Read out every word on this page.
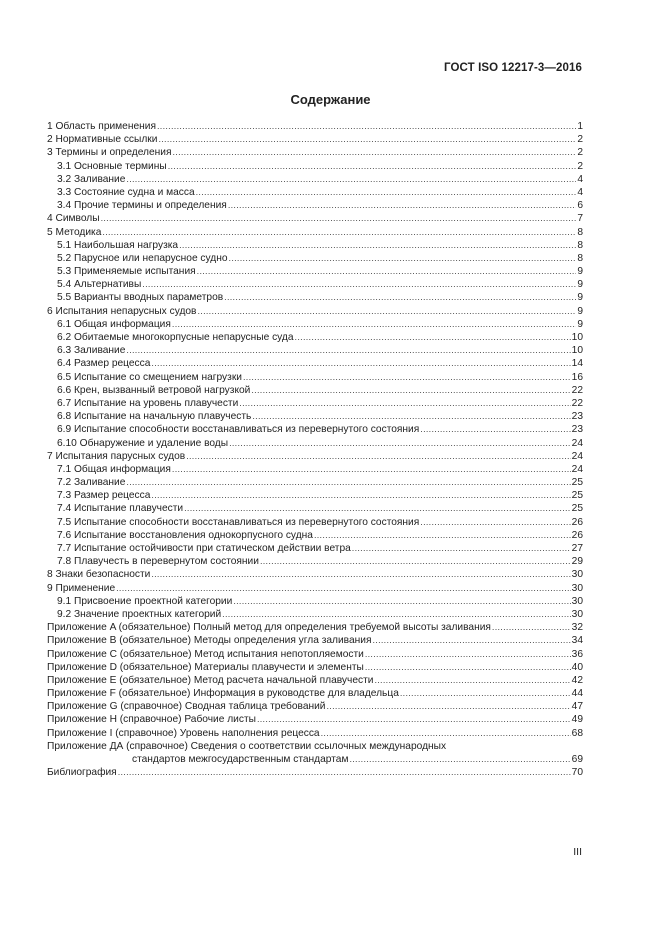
ГОСТ ISO 12217-3—2016
Содержание
1 Область применения .....	1
2 Нормативные ссылки .....	2
3 Термины и определения .....	2
3.1 Основные термины .....	2
3.2 Заливание .....	4
3.3 Состояние судна и масса .....	4
3.4 Прочие термины и определения .....	6
4 Символы .....	7
5 Методика .....	8
5.1 Наибольшая нагрузка .....	8
5.2 Парусное или непарусное судно .....	8
5.3 Применяемые испытания .....	9
5.4 Альтернативы .....	9
5.5 Варианты вводных параметров .....	9
6 Испытания непарусных судов .....	9
6.1 Общая информация .....	9
6.2 Обитаемые многокорпусные непарусные суда .....	10
6.3 Заливание .....	10
6.4 Размер рецесса .....	14
6.5 Испытание со смещением нагрузки .....	16
6.6 Крен, вызванный ветровой нагрузкой .....	22
6.7 Испытание на уровень плавучести .....	22
6.8 Испытание на начальную плавучесть .....	23
6.9 Испытание способности восстанавливаться из перевернутого состояния .....	23
6.10 Обнаружение и удаление воды .....	24
7 Испытания парусных судов .....	24
7.1 Общая информация .....	24
7.2 Заливание .....	25
7.3 Размер рецесса .....	25
7.4 Испытание плавучести .....	25
7.5 Испытание способности восстанавливаться из перевернутого состояния .....	26
7.6 Испытание восстановления однокорпусного судна .....	26
7.7 Испытание остойчивости при статическом действии ветра .....	27
7.8 Плавучесть в перевернутом состоянии .....	29
8 Знаки безопасности .....	30
9 Применение .....	30
9.1 Присвоение проектной категории .....	30
9.2 Значение проектных категорий .....	30
Приложение A (обязательное) Полный метод для определения требуемой высоты заливания .....	32
Приложение B (обязательное) Методы определения угла заливания .....	34
Приложение C (обязательное) Метод испытания непотопляемости .....	36
Приложение D (обязательное) Материалы плавучести и элементы .....	40
Приложение E (обязательное) Метод расчета начальной плавучести .....	42
Приложение F (обязательное) Информация в руководстве для владельца .....	44
Приложение G (справочное) Сводная таблица требований .....	47
Приложение H (справочное) Рабочие листы .....	49
Приложение I (справочное) Уровень наполнения рецесса .....	68
Приложение ДА (справочное) Сведения о соответствии ссылочных международных
стандартов межгосударственным стандартам .....	69
Библиография .....	70
III
